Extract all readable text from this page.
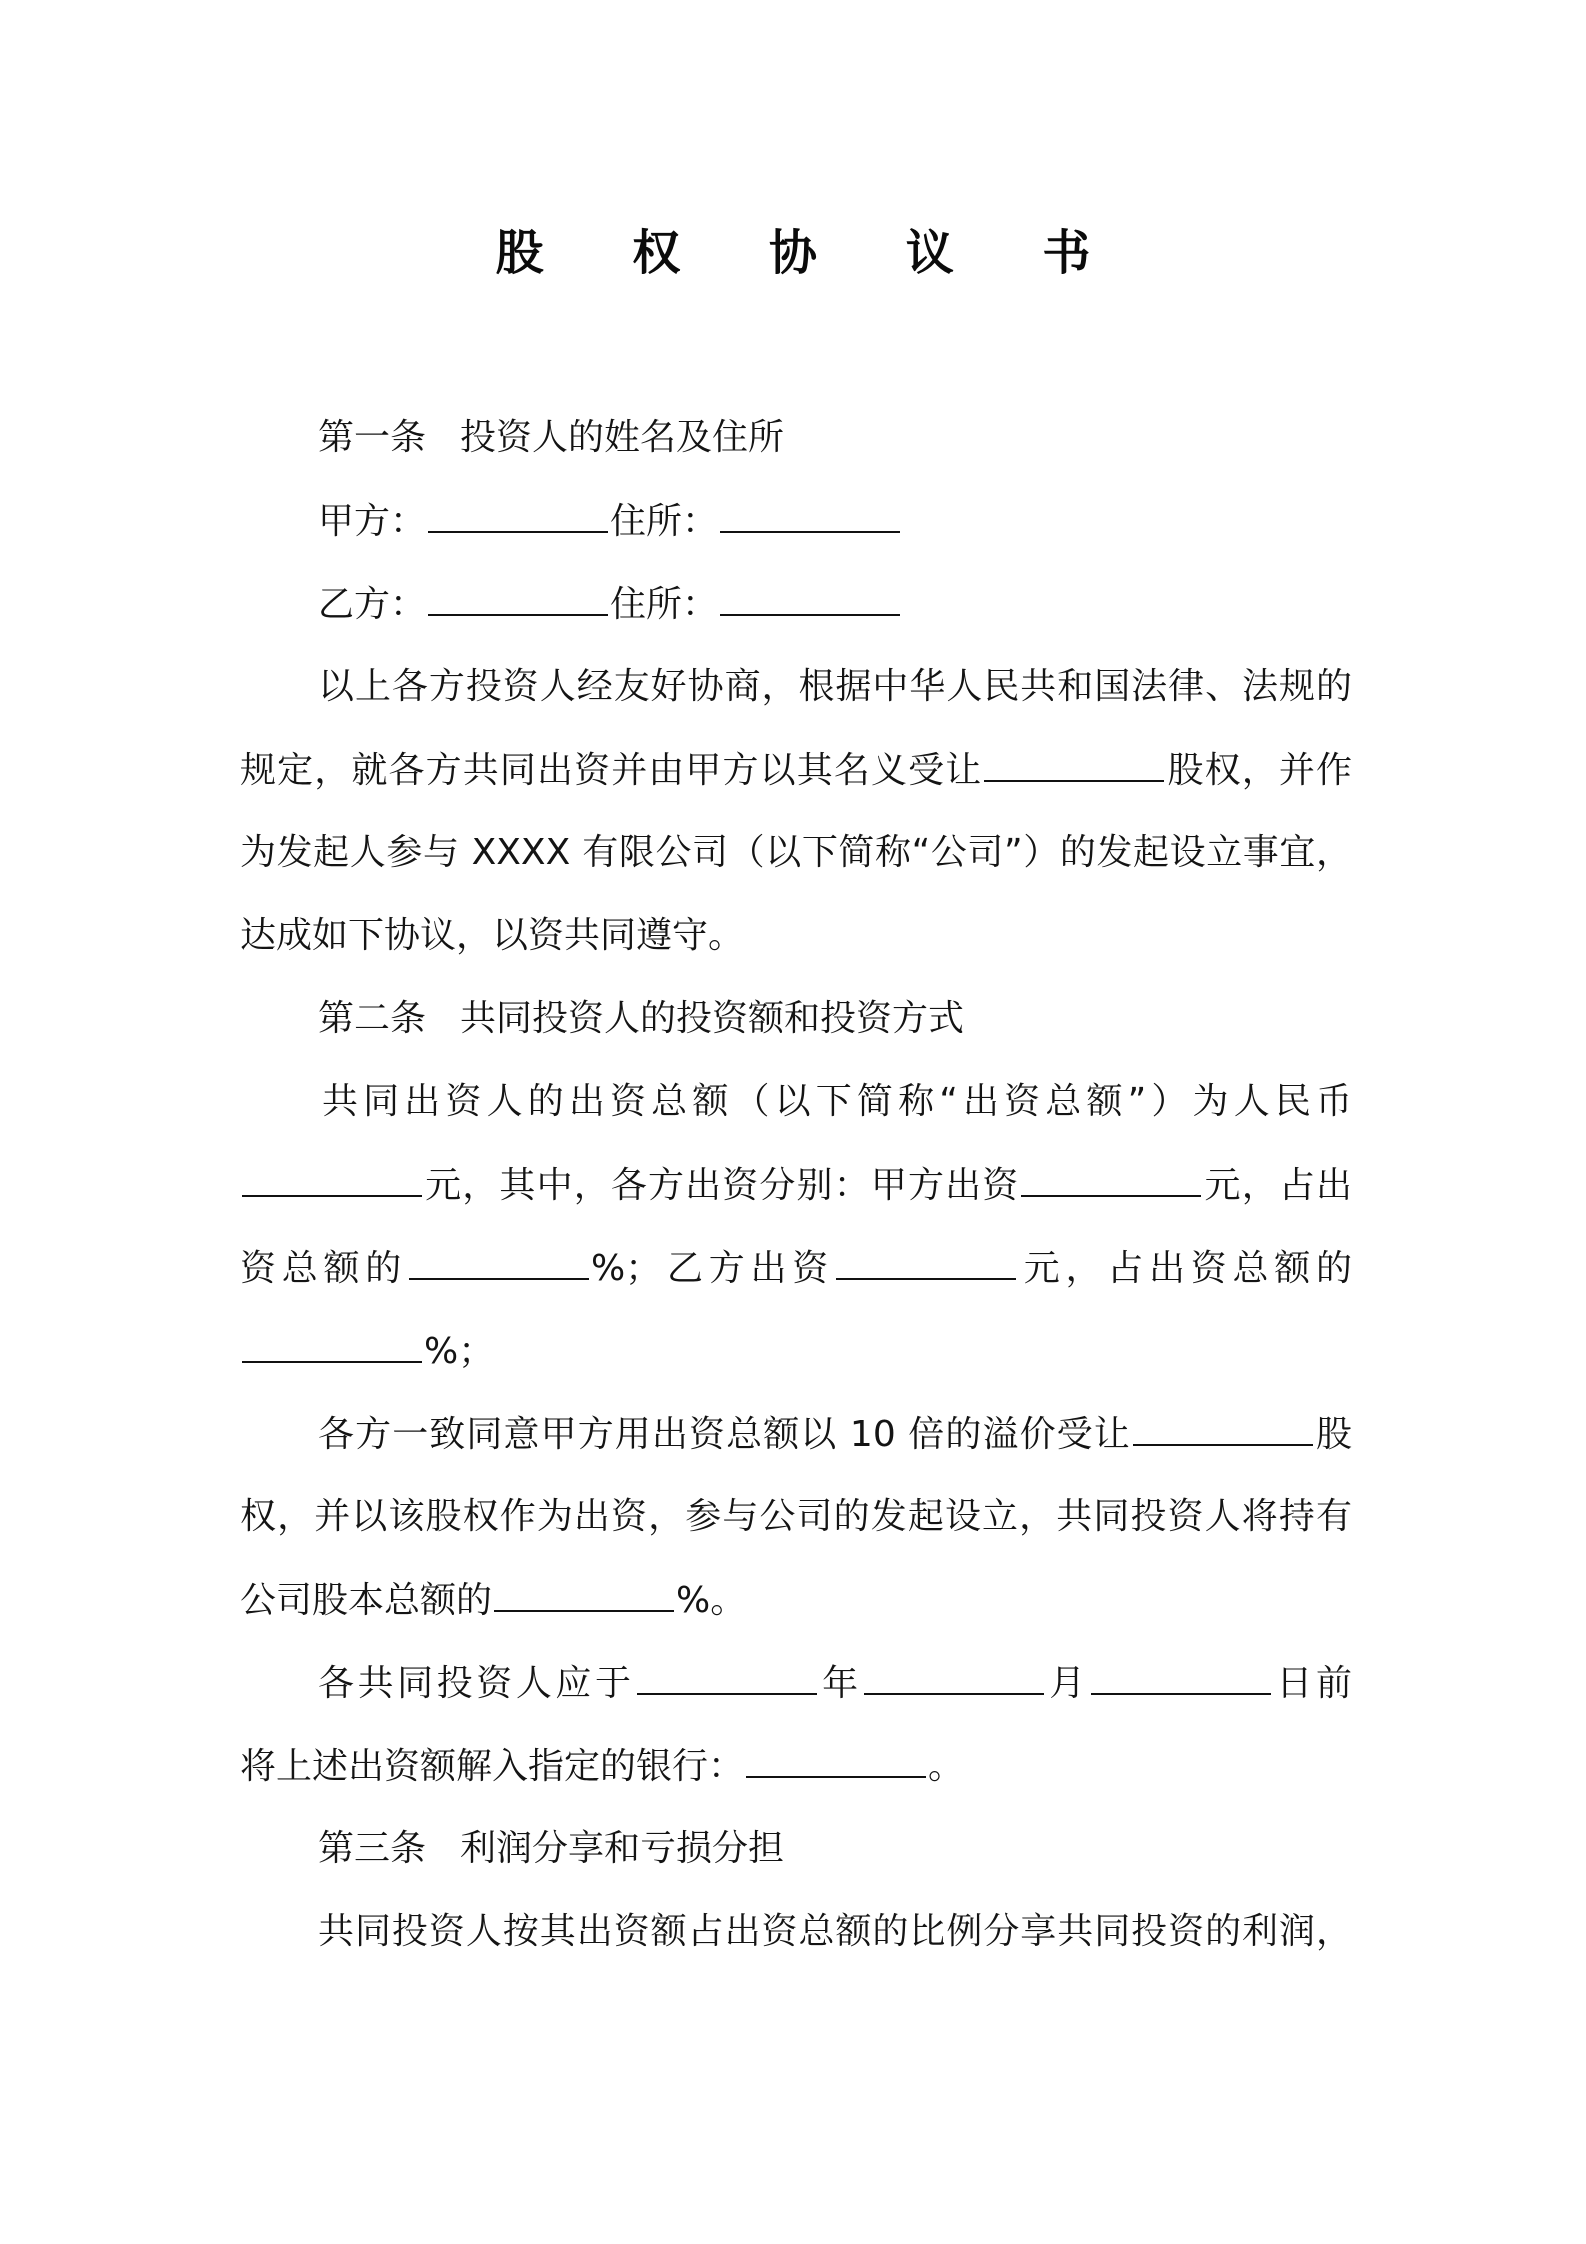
股 权 协 议 书
第一条 投资人的姓名及住所
甲方：	住所：
乙方：	住所：
以上各方投资人经友好协商，根据中华人民共和国法律、法规的
规定，就各方共同出资并由甲方以其名义受让	股权，并作
为发起人参与 XXXX 有限公司（以下简称“公司”）的发起设立事宜，
达成如下协议，以资共同遵守。
第二条 共同投资人的投资额和投资方式
共同出资人的出资总额（以下简称“出资总额”）为人民币
元，其中，各方出资分别：甲方出资	元，占出
资总额的	%；乙方出资	元，占出资总额的
%；
各方一致同意甲方用出资总额以 10 倍的溢价受让	股
权，并以该股权作为出资，参与公司的发起设立，共同投资人将持有
公司股本总额的	%。
各共同投资人应于	年	月	日前
将上述出资额解入指定的银行：	。
第三条 利润分享和亏损分担
共同投资人按其出资额占出资总额的比例分享共同投资的利润，
